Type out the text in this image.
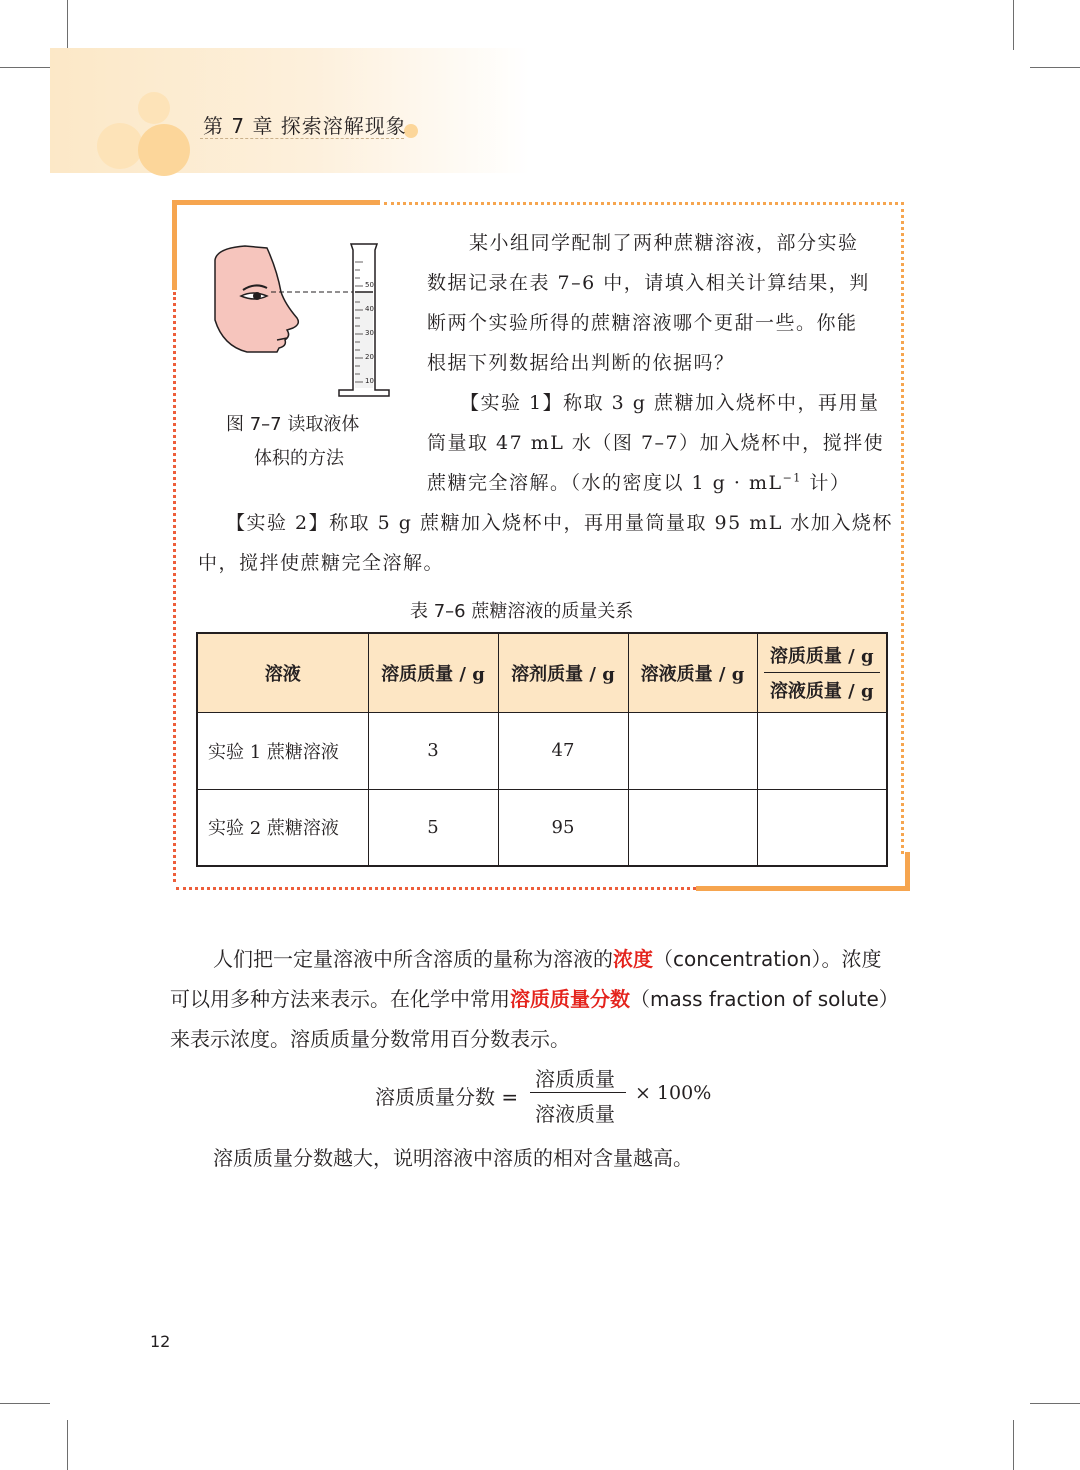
第 7 章 探索溶解现象
50
40
30
20
10
图 7–7 读取液体
体积的方法
某小组同学配制了两种蔗糖溶液，部分实验
数据记录在表 7–6 中，请填入相关计算结果，判
断两个实验所得的蔗糖溶液哪个更甜一些。你能
根据下列数据给出判断的依据吗？
【实验 1】称取 3 g 蔗糖加入烧杯中，再用量
筒量取 47 mL 水（图 7–7）加入烧杯中，搅拌使
蔗糖完全溶解。（水的密度以 1 $g \cdot mL^{-1}$ 计）
【实验 2】称取 5 g 蔗糖加入烧杯中，再用量筒量取 95 mL 水加入烧杯
中，搅拌使蔗糖完全溶解。
表 7–6 蔗糖溶液的质量关系
溶液	溶质质量 / g	溶剂质量 / g	溶液质量 / g	溶质质量 / g
溶液质量 / g

实验 1 蔗糖溶液	3	47		
实验 2 蔗糖溶液	5	95		
人们把一定量溶液中所含溶质的量称为溶液的浓度（concentration）。浓度
可以用多种方法来表示。在化学中常用溶质质量分数（mass fraction of solute）
来表示浓度。溶质质量分数常用百分数表示。
溶质质量分数 =
溶质质量
溶液质量
× 100%
溶质质量分数越大，说明溶液中溶质的相对含量越高。
12
